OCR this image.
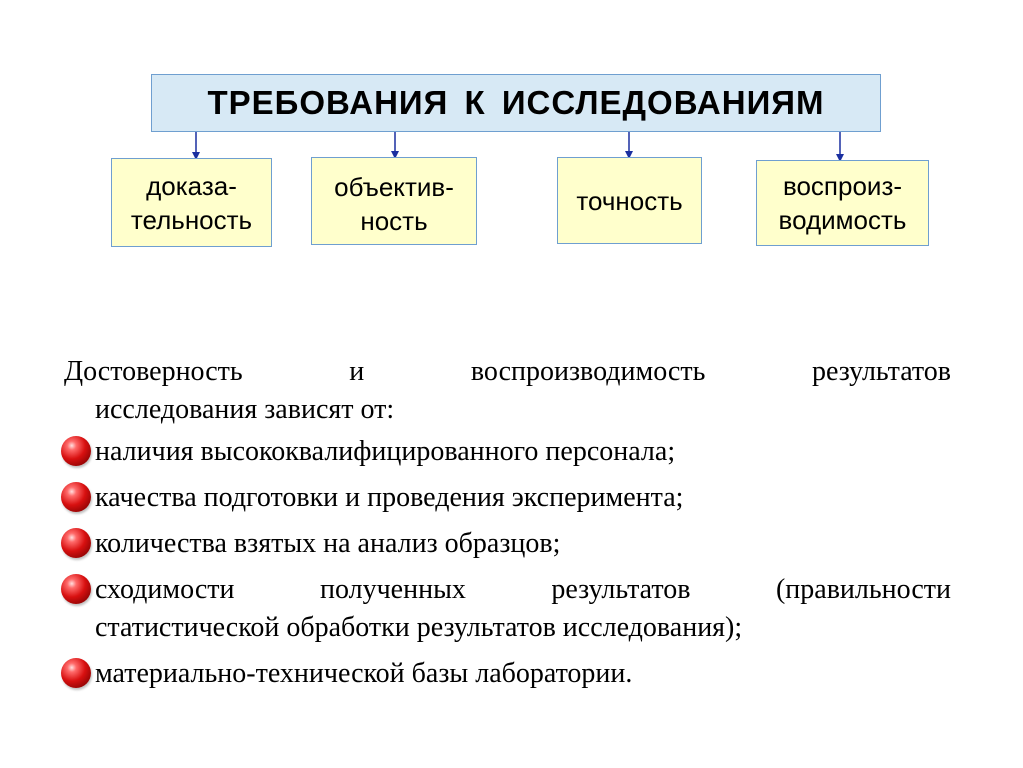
ТРЕБОВАНИЯ К ИССЛЕДОВАНИЯМ
доказа-
тельность
объектив-
ность
точность	воспроиз-
водимость

Достоверность и воспроизводимость результатов
исследования зависят от:

наличия высококвалифицированного персонала;
качества подготовки и проведения эксперимента;
количества взятых на анализ образцов;
сходимости полученных результатов (правильности
статистической обработки результатов исследования);
материально-технической базы лаборатории.
